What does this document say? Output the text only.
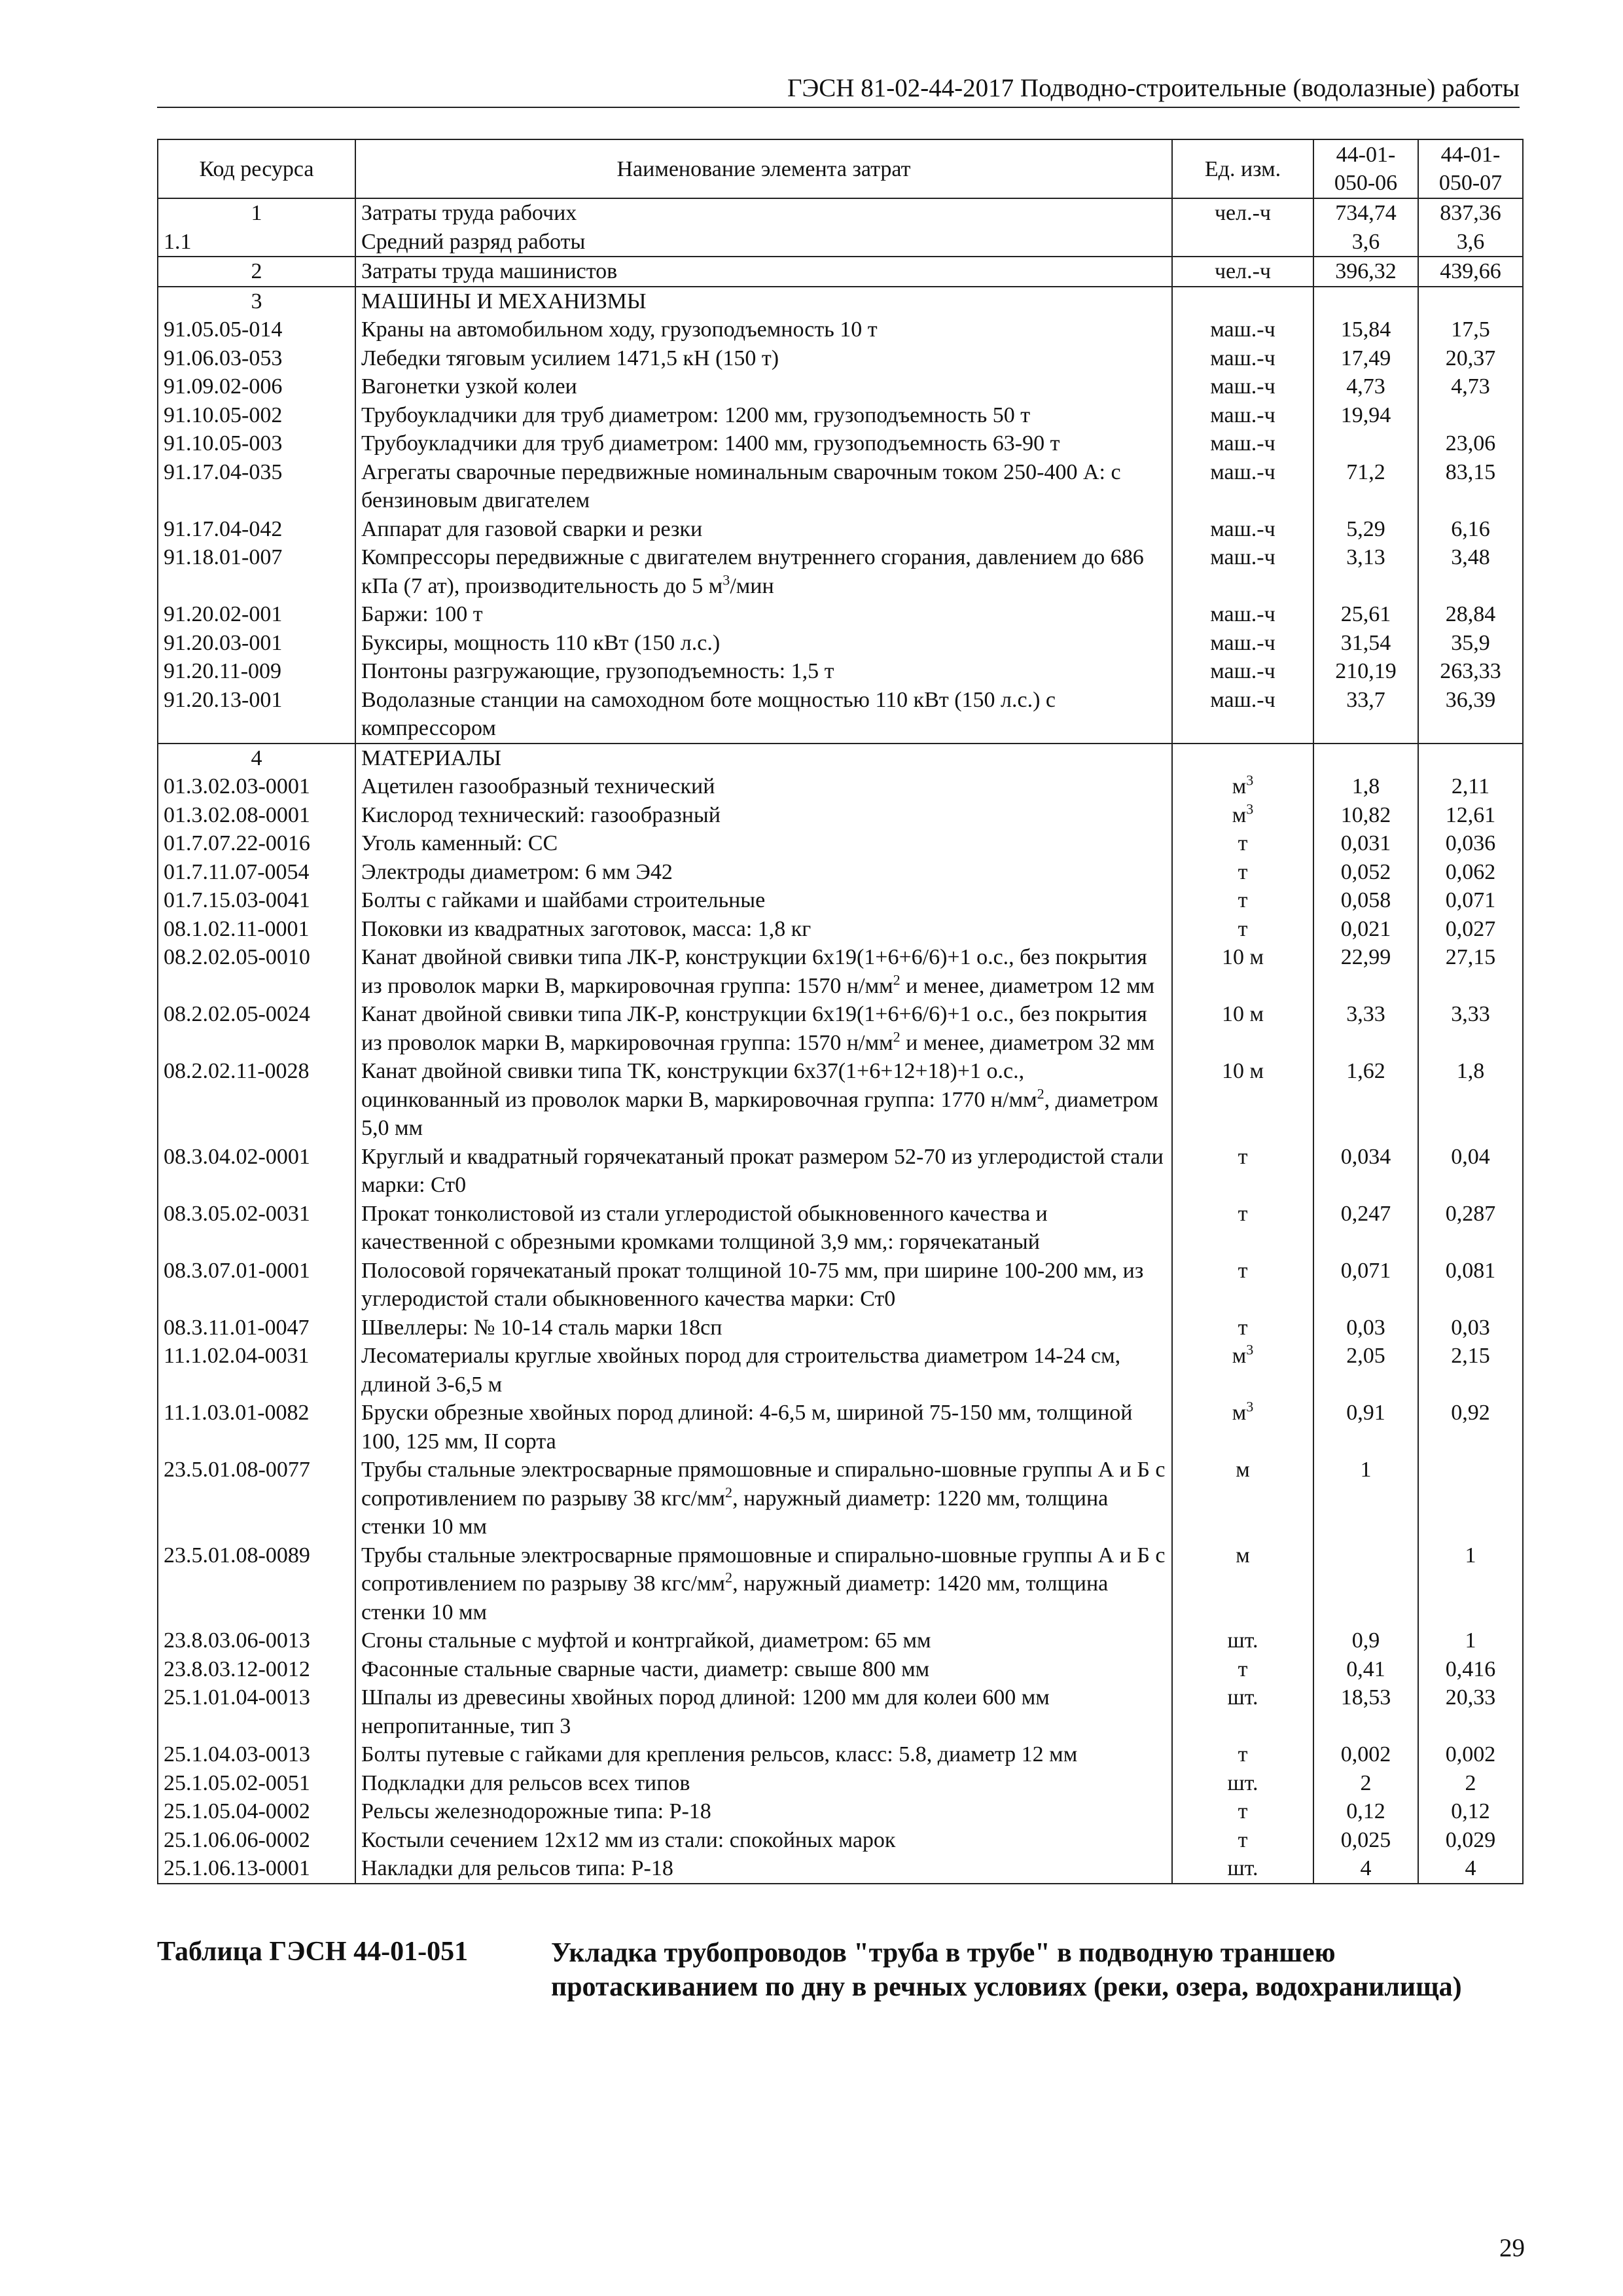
ГЭСН 81-02-44-2017 Подводно-строительные (водолазные) работы
Код ресурса	Наименование элемента затрат	Ед. изм.	44-01-050-06	44-01-050-07
1	Затраты труда рабочих	чел.-ч	734,74	837,36
1.1	Средний разряд работы		3,6	3,6
2	Затраты труда машинистов	чел.-ч	396,32	439,66
3	МАШИНЫ И МЕХАНИЗМЫ			
91.05.05-014	Краны на автомобильном ходу, грузоподъемность 10 т	маш.-ч	15,84	17,5
91.06.03-053	Лебедки тяговым усилием 1471,5 кН (150 т)	маш.-ч	17,49	20,37
91.09.02-006	Вагонетки узкой колеи	маш.-ч	4,73	4,73
91.10.05-002	Трубоукладчики для труб диаметром: 1200 мм, грузоподъемность 50 т	маш.-ч	19,94	
91.10.05-003	Трубоукладчики для труб диаметром: 1400 мм, грузоподъемность 63-90 т	маш.-ч		23,06
91.17.04-035	Агрегаты сварочные передвижные номинальным сварочным током 250-400 А: с бензиновым двигателем	маш.-ч	71,2	83,15
91.17.04-042	Аппарат для газовой сварки и резки	маш.-ч	5,29	6,16
91.18.01-007	Компрессоры передвижные с двигателем внутреннего сгорания, давлением до 686 кПа (7 ат), производительность до 5 $м^3$/мин	маш.-ч	3,13	3,48
91.20.02-001	Баржи: 100 т	маш.-ч	25,61	28,84
91.20.03-001	Буксиры, мощность 110 кВт (150 л.с.)	маш.-ч	31,54	35,9
91.20.11-009	Понтоны разгружающие, грузоподъемность: 1,5 т	маш.-ч	210,19	263,33
91.20.13-001	Водолазные станции на самоходном боте мощностью 110 кВт (150 л.с.) с компрессором	маш.-ч	33,7	36,39
4	МАТЕРИАЛЫ			
01.3.02.03-0001	Ацетилен газообразный технический	$м^3$	1,8	2,11
01.3.02.08-0001	Кислород технический: газообразный	$м^3$	10,82	12,61
01.7.07.22-0016	Уголь каменный: СС	т	0,031	0,036
01.7.11.07-0054	Электроды диаметром: 6 мм Э42	т	0,052	0,062
01.7.15.03-0041	Болты с гайками и шайбами строительные	т	0,058	0,071
08.1.02.11-0001	Поковки из квадратных заготовок, масса: 1,8 кг	т	0,021	0,027
08.2.02.05-0010	Канат двойной свивки типа ЛК-Р, конструкции 6х19(1+6+6/6)+1 о.с., без покрытия из проволок марки В, маркировочная группа: 1570 $н/мм^2$ и менее, диаметром 12 мм	10 м	22,99	27,15
08.2.02.05-0024	Канат двойной свивки типа ЛК-Р, конструкции 6х19(1+6+6/6)+1 о.с., без покрытия из проволок марки В, маркировочная группа: 1570 $н/мм^2$ и менее, диаметром 32 мм	10 м	3,33	3,33
08.2.02.11-0028	Канат двойной свивки типа ТК, конструкции 6х37(1+6+12+18)+1 о.с., оцинкованный из проволок марки В, маркировочная группа: 1770 $н/мм^2$, диаметром 5,0 мм	10 м	1,62	1,8
08.3.04.02-0001	Круглый и квадратный горячекатаный прокат размером 52-70 из углеродистой стали марки: Ст0	т	0,034	0,04
08.3.05.02-0031	Прокат тонколистовой из стали углеродистой обыкновенного качества и качественной с обрезными кромками толщиной 3,9 мм,: горячекатаный	т	0,247	0,287
08.3.07.01-0001	Полосовой горячекатаный прокат толщиной 10-75 мм, при ширине 100-200 мм, из углеродистой стали обыкновенного качества марки: Ст0	т	0,071	0,081
08.3.11.01-0047	Швеллеры: № 10-14 сталь марки 18сп	т	0,03	0,03
11.1.02.04-0031	Лесоматериалы круглые хвойных пород для строительства диаметром 14-24 см, длиной 3-6,5 м	$м^3$	2,05	2,15
11.1.03.01-0082	Бруски обрезные хвойных пород длиной: 4-6,5 м, шириной 75-150 мм, толщиной 100, 125 мм, II сорта	$м^3$	0,91	0,92
23.5.01.08-0077	Трубы стальные электросварные прямошовные и спирально-шовные группы А и Б с сопротивлением по разрыву 38 кгс/$мм^2$, наружный диаметр: 1220 мм, толщина стенки 10 мм	м	1	
23.5.01.08-0089	Трубы стальные электросварные прямошовные и спирально-шовные группы А и Б с сопротивлением по разрыву 38 кгс/$мм^2$, наружный диаметр: 1420 мм, толщина стенки 10 мм	м		1
23.8.03.06-0013	Сгоны стальные с муфтой и контргайкой, диаметром: 65 мм	шт.	0,9	1
23.8.03.12-0012	Фасонные стальные сварные части, диаметр: свыше 800 мм	т	0,41	0,416
25.1.01.04-0013	Шпалы из древесины хвойных пород длиной: 1200 мм для колеи 600 мм непропитанные, тип 3	шт.	18,53	20,33
25.1.04.03-0013	Болты путевые с гайками для крепления рельсов, класс: 5.8, диаметр 12 мм	т	0,002	0,002
25.1.05.02-0051	Подкладки для рельсов всех типов	шт.	2	2
25.1.05.04-0002	Рельсы железнодорожные типа: Р-18	т	0,12	0,12
25.1.06.06-0002	Костыли сечением 12х12 мм из стали: спокойных марок	т	0,025	0,029
25.1.06.13-0001	Накладки для рельсов типа: Р-18	шт.	4	4
Таблица ГЭСН 44-01-051	Укладка трубопроводов "труба в трубе" в подводную траншею протаскиванием по дну в речных условиях (реки, озера, водохранилища)
29
